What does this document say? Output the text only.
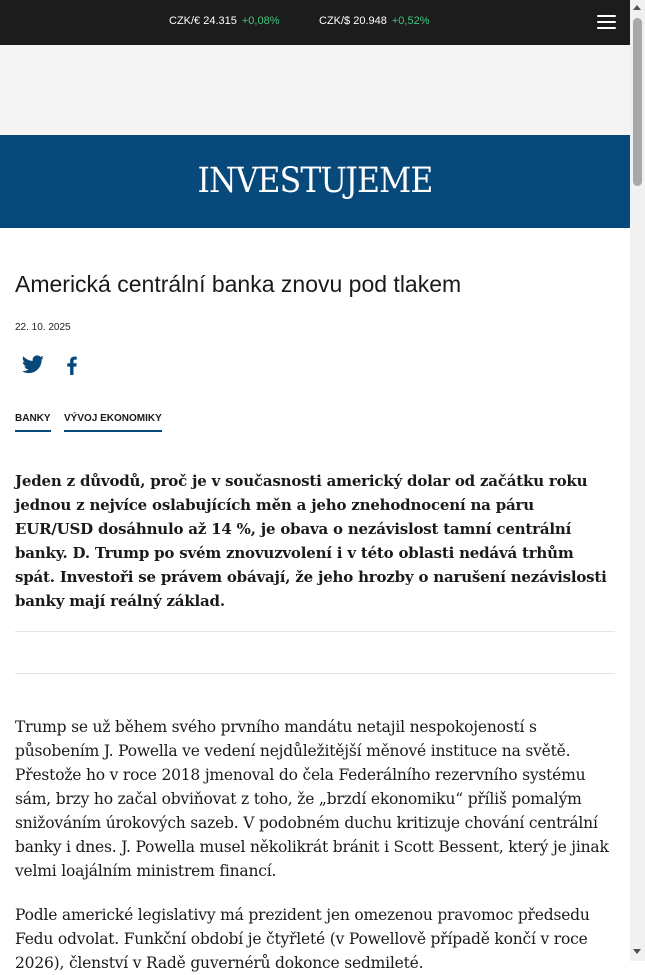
CZK/€ 24.315 +0,08%	CZK/$ 20.948 +0,52%
INVESTUJEME
Americká centrální banka znovu pod tlakem
22. 10. 2025
BANKY VÝVOJ EKONOMIKY

Jeden z důvodů, proč je v současnosti americký dolar od začátku roku jednou z nejvíce oslabujících měn a jeho znehodnocení na páru EUR/USD dosáhnulo až 14 %, je obava o nezávislost tamní centrální banky. D. Trump po svém znovuzvolení i v této oblasti nedává trhům spát. Investoři se právem obávají, že jeho hrozby o narušení nezávislosti banky mají reálný základ.

Trump se už během svého prvního mandátu netajil nespokojeností s působením J. Powella ve vedení nejdůležitější měnové instituce na světě. Přestože ho v roce 2018 jmenoval do čela Federálního rezervního systému sám, brzy ho začal obviňovat z toho, že „brzdí ekonomiku“ příliš pomalým snižováním úrokových sazeb. V podobném duchu kritizuje chování centrální banky i dnes. J. Powella musel několikrát bránit i Scott Bessent, který je jinak velmi loajálním ministrem financí.

Podle americké legislativy má prezident jen omezenou pravomoc předsedu Fedu odvolat. Funkční období je čtyřleté (v Powellově případě končí v roce 2026), členství v Radě guvernérů dokonce sedmileté.
